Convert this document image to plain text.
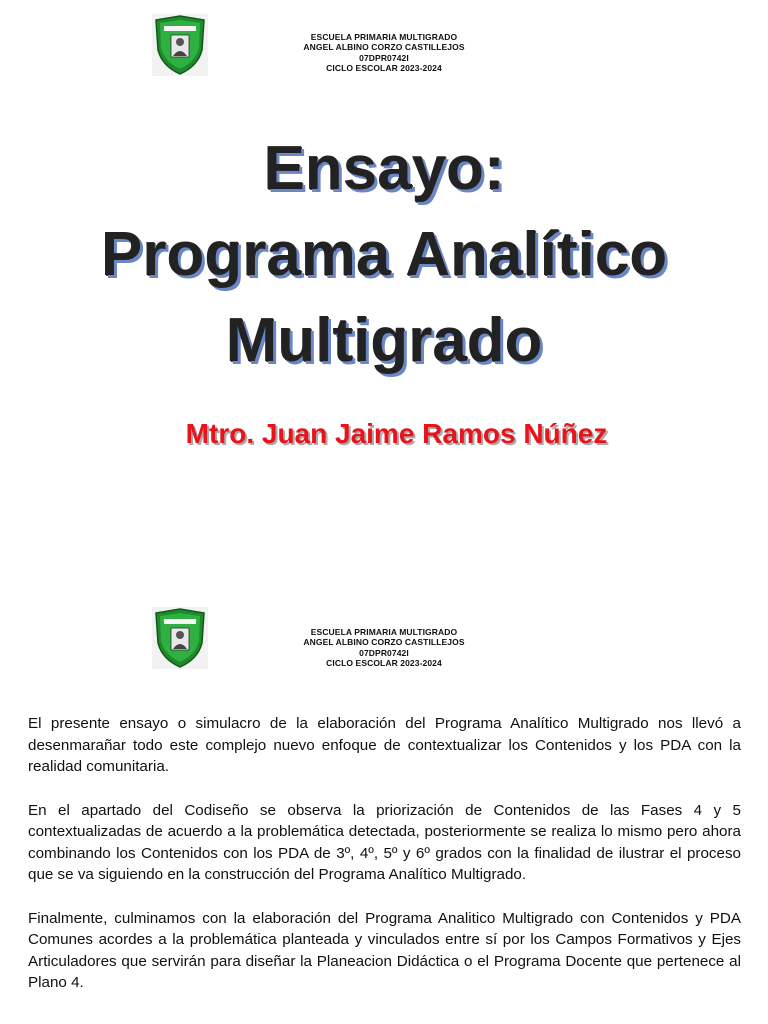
ESCUELA PRIMARIA MULTIGRADO
ANGEL ALBINO CORZO CASTILLEJOS
07DPR0742I
CICLO ESCOLAR 2023-2024
Ensayo:
Programa Analítico
Multigrado
Mtro. Juan Jaime Ramos Núñez
ESCUELA PRIMARIA MULTIGRADO
ANGEL ALBINO CORZO CASTILLEJOS
07DPR0742I
CICLO ESCOLAR 2023-2024

El presente ensayo o simulacro de la elaboración del Programa Analítico Multigrado nos llevó a desenmarañar todo este complejo nuevo enfoque de contextualizar los Contenidos y los PDA con la realidad comunitaria.

En el apartado del Codiseño se observa la priorización de Contenidos de las Fases 4 y 5 contextualizadas de acuerdo a la problemática detectada, posteriormente se realiza lo mismo pero ahora combinando los Contenidos con los PDA de 3º, 4º, 5º y 6º grados con la finalidad de ilustrar el proceso que se va siguiendo en la construcción del Programa Analítico Multigrado.

Finalmente, culminamos con la elaboración del Programa Analitico Multigrado con Contenidos y PDA Comunes acordes a la problemática planteada y vinculados entre sí por los Campos Formativos y Ejes Articuladores que servirán para diseñar la Planeacion Didáctica o el Programa Docente que pertenece al Plano 4.
